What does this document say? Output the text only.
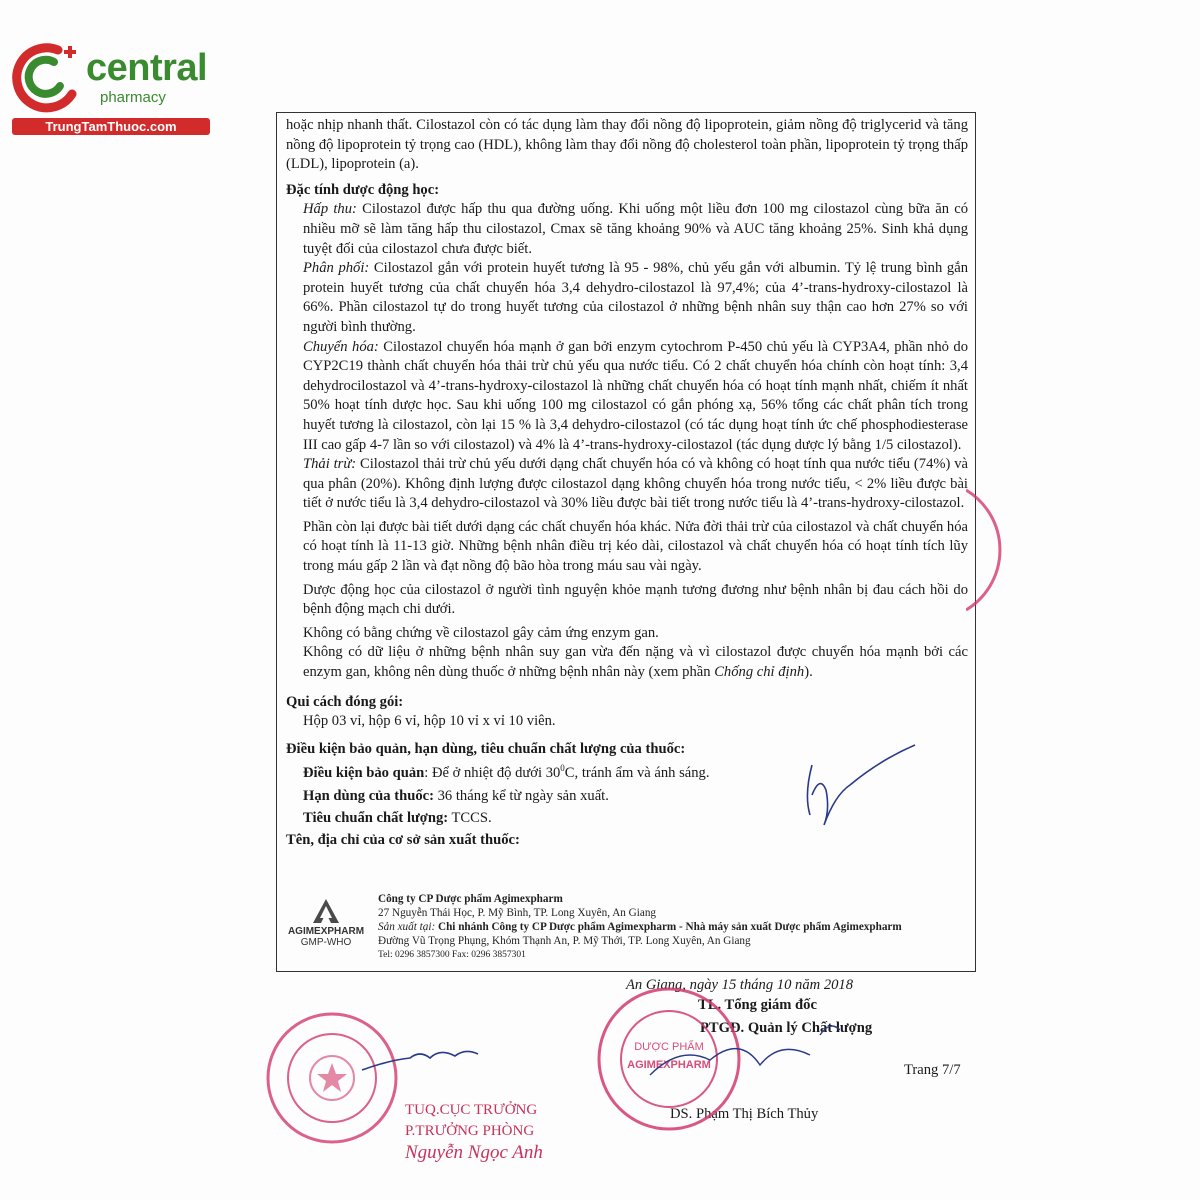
central
pharmacy
TrungTamThuoc.com	hoặc nhịp nhanh thất. Cilostazol còn có tác dụng làm thay đổi nồng độ lipoprotein, giảm nồng độ triglycerid và tăng nồng độ lipoprotein tỷ trọng cao (HDL), không làm thay đổi nồng độ cholesterol toàn phần, lipoprotein tỷ trọng thấp (LDL), lipoprotein (a).

Đặc tính dược động học:

Hấp thu: Cilostazol được hấp thu qua đường uống. Khi uống một liều đơn 100 mg cilostazol cùng bữa ăn có nhiều mỡ sẽ làm tăng hấp thu cilostazol, Cmax sẽ tăng khoảng 90% và AUC tăng khoảng 25%. Sinh khả dụng tuyệt đối của cilostazol chưa được biết.

Phân phối: Cilostazol gắn với protein huyết tương là 95 - 98%, chủ yếu gắn với albumin. Tỷ lệ trung bình gắn protein huyết tương của chất chuyển hóa 3,4 dehydro-cilostazol là 97,4%; của 4’-trans-hydroxy-cilostazol là 66%. Phần cilostazol tự do trong huyết tương của cilostazol ở những bệnh nhân suy thận cao hơn 27% so với người bình thường.

Chuyển hóa: Cilostazol chuyển hóa mạnh ở gan bởi enzym cytochrom P-450 chủ yếu là CYP3A4, phần nhỏ do CYP2C19 thành chất chuyển hóa thải trừ chủ yếu qua nước tiểu. Có 2 chất chuyển hóa chính còn hoạt tính: 3,4 dehydrocilostazol và 4’-trans-hydroxy-cilostazol là những chất chuyển hóa có hoạt tính mạnh nhất, chiếm ít nhất 50% hoạt tính dược học. Sau khi uống 100 mg cilostazol có gắn phóng xạ, 56% tổng các chất phân tích trong huyết tương là cilostazol, còn lại 15 % là 3,4 dehydro-cilostazol (có tác dụng hoạt tính ức chế phosphodiesterase III cao gấp 4-7 lần so với cilostazol) và 4% là 4’-trans-hydroxy-cilostazol (tác dụng dược lý bằng 1/5 cilostazol).

Thải trừ: Cilostazol thải trừ chủ yếu dưới dạng chất chuyển hóa có và không có hoạt tính qua nước tiểu (74%) và qua phân (20%). Không định lượng được cilostazol dạng không chuyển hóa trong nước tiểu, < 2% liều được bài tiết ở nước tiểu là 3,4 dehydro-cilostazol và 30% liều được bài tiết trong nước tiểu là 4’-trans-hydroxy-cilostazol.

Phần còn lại được bài tiết dưới dạng các chất chuyển hóa khác. Nửa đời thải trừ của cilostazol và chất chuyển hóa có hoạt tính là 11-13 giờ. Những bệnh nhân điều trị kéo dài, cilostazol và chất chuyển hóa có hoạt tính tích lũy trong máu gấp 2 lần và đạt nồng độ bão hòa trong máu sau vài ngày.

Dược động học của cilostazol ở người tình nguyện khỏe mạnh tương đương như bệnh nhân bị đau cách hồi do bệnh động mạch chi dưới.

Không có bằng chứng về cilostazol gây cảm ứng enzym gan.

Không có dữ liệu ở những bệnh nhân suy gan vừa đến nặng và vì cilostazol được chuyển hóa mạnh bởi các enzym gan, không nên dùng thuốc ở những bệnh nhân này (xem phần Chống chỉ định).

Qui cách đóng gói:

Hộp 03 vỉ, hộp 6 vỉ, hộp 10 vỉ x vỉ 10 viên.

Điều kiện bảo quản, hạn dùng, tiêu chuẩn chất lượng của thuốc:

Điều kiện bảo quản: Để ở nhiệt độ dưới $30^0C$, tránh ẩm và ánh sáng.

Hạn dùng của thuốc: 36 tháng kể từ ngày sản xuất.

Tiêu chuẩn chất lượng: TCCS.

Tên, địa chỉ của cơ sở sản xuất thuốc:

AGIMEXPHARM
GMP-WHO
Công ty CP Dược phẩm Agimexpharm
27 Nguyễn Thái Học, P. Mỹ Bình, TP. Long Xuyên, An Giang
Sản xuất tại: Chi nhánh Công ty CP Dược phẩm Agimexpharm - Nhà máy sản xuất Dược phẩm Agimexpharm
Đường Vũ Trọng Phụng, Khóm Thạnh An, P. Mỹ Thới, TP. Long Xuyên, An Giang
Tel: 0296 3857300 Fax: 0296 3857301
An Giang, ngày 15 tháng 10 năm 2018
TL. Tổng giám đốc
PTGĐ. Quản lý Chất lượng
DS. Phạm Thị Bích Thủy
Trang 7/7
DƯỢC PHẨM
AGIMEXPHARM
TUQ.CỤC TRƯỞNG
P.TRƯỞNG PHÒNG
Nguyễn Ngọc Anh
